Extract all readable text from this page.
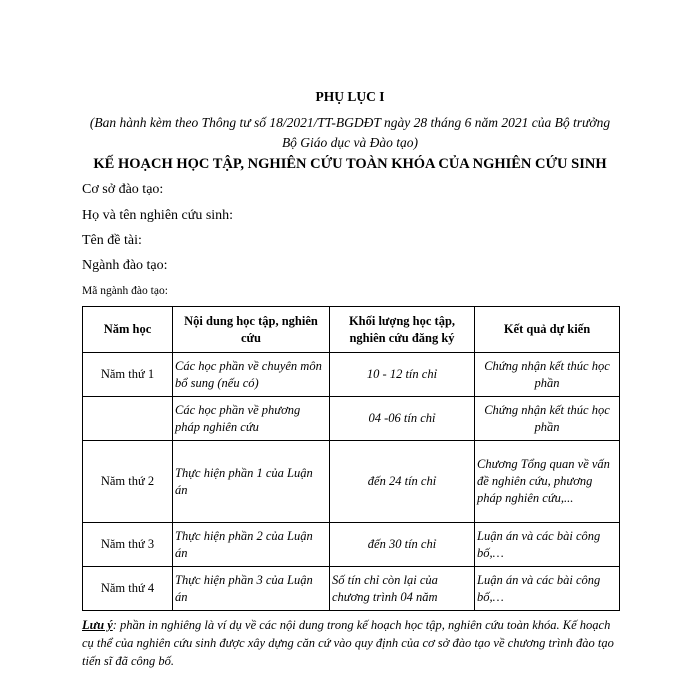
PHỤ LỤC I
(Ban hành kèm theo Thông tư số 18/2021/TT-BGDĐT ngày 28 tháng 6 năm 2021 của Bộ trưởng
Bộ Giáo dục và Đào tạo)
KẾ HOẠCH HỌC TẬP, NGHIÊN CỨU TOÀN KHÓA CỦA NGHIÊN CỨU SINH
Cơ sở đào tạo:
Họ và tên nghiên cứu sinh:
Tên đề tài:
Ngành đào tạo:
Mã ngành đào tạo:
Năm học	Nội dung học tập, nghiên cứu	Khối lượng học tập, nghiên cứu đăng ký	Kết quả dự kiến
Năm thứ 1	Các học phần về chuyên môn bổ sung (nếu có)	10 - 12 tín chỉ	Chứng nhận kết thúc học phần
	Các học phần về phương pháp nghiên cứu	04 -06 tín chỉ	Chứng nhận kết thúc học phần
Năm thứ 2	Thực hiện phần 1 của Luận án	đến 24 tín chỉ	Chương Tổng quan về vấn đề nghiên cứu, phương pháp nghiên cứu,...
Năm thứ 3	Thực hiện phần 2 của Luận án	đến 30 tín chỉ	Luận án và các bài công bố,…
Năm thứ 4	Thực hiện phần 3 của Luận án	Số tín chỉ còn lại của chương trình 04 năm	Luận án và các bài công bố,…
Lưu ý: phần in nghiêng là ví dụ về các nội dung trong kế hoạch học tập, nghiên cứu toàn khóa. Kế hoạch cụ thể của nghiên cứu sinh được xây dựng căn cứ vào quy định của cơ sở đào tạo về chương trình đào tạo tiến sĩ đã công bố.
